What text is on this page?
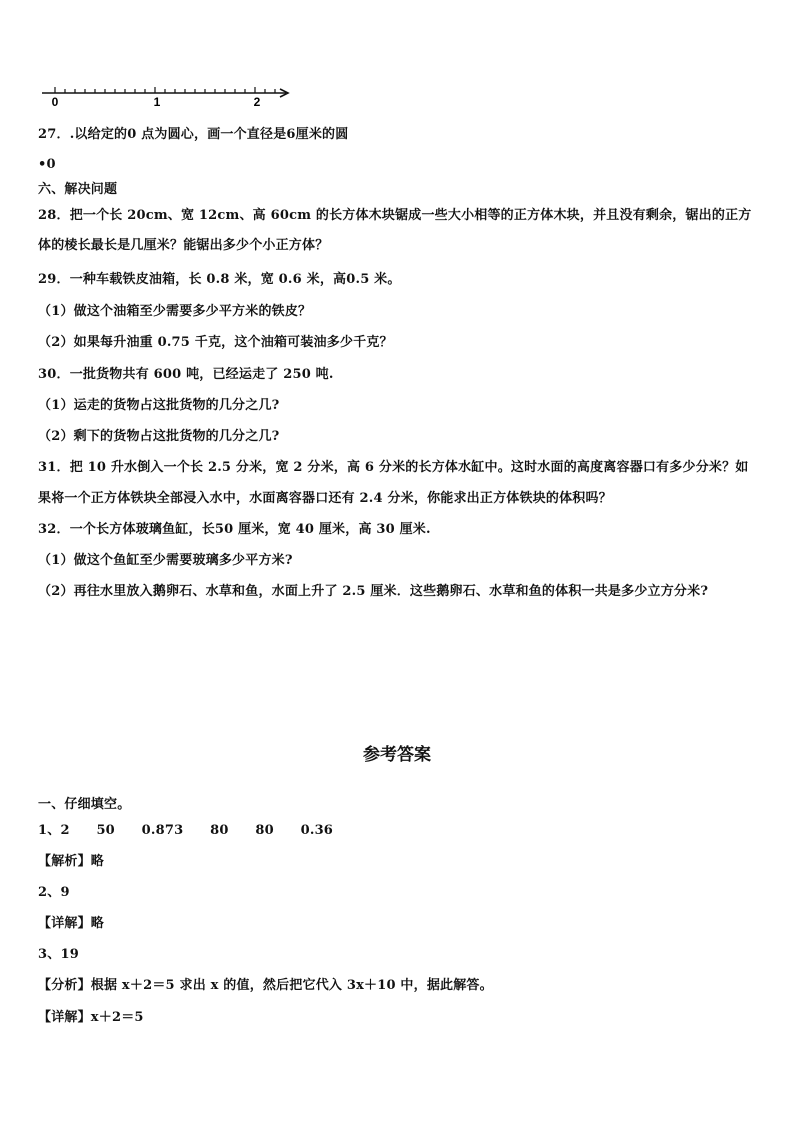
0	1	2
27．.以给定的0 点为圆心，画一个直径是6厘米的圆
•0
六、解决问题
28．把一个长 20cm、宽 12cm、高 60cm 的长方体木块锯成一些大小相等的正方体木块，并且没有剩余，锯出的正方
体的棱长最长是几厘米？能锯出多少个小正方体？
29．一种车载铁皮油箱，长 0.8 米，宽 0.6 米，高0.5 米。
（1）做这个油箱至少需要多少平方米的铁皮？
（2）如果每升油重 0.75 千克，这个油箱可装油多少千克？
30．一批货物共有 600 吨，已经运走了 250 吨.
（1）运走的货物占这批货物的几分之几?
（2）剩下的货物占这批货物的几分之几?
31．把 10 升水倒入一个长 2.5 分米，宽 2 分米，高 6 分米的长方体水缸中。这时水面的高度离容器口有多少分米？如
果将一个正方体铁块全部浸入水中，水面离容器口还有 2.4 分米，你能求出正方体铁块的体积吗？
32．一个长方体玻璃鱼缸，长50 厘米，宽 40 厘米，高 30 厘米.
（1）做这个鱼缸至少需要玻璃多少平方米?
（2）再往水里放入鹅卵石、水草和鱼，水面上升了 2.5 厘米．这些鹅卵石、水草和鱼的体积一共是多少立方分米?
参考答案
一、仔细填空。
1、2 50 0.873 80 80 0.36
【解析】略
2、9
【详解】略
3、19
【分析】根据 x＋2＝5 求出 x 的值，然后把它代入 3x＋10 中，据此解答。
【详解】x＋2＝5
